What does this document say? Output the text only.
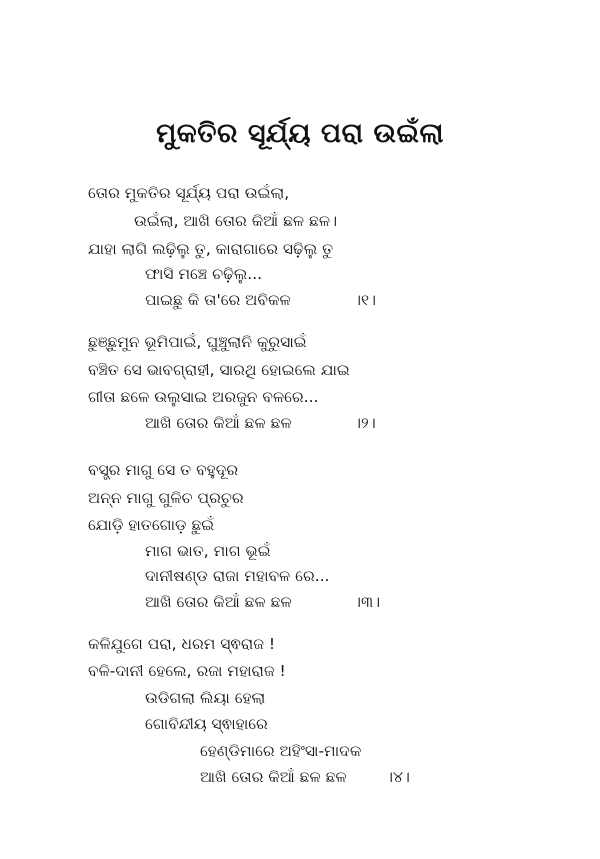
ମୁକତିର ସୂର୍ଯ୍ୟ ପରା ଉଇଁଲା
ତୋର ମୁକତିର ସୂର୍ଯ୍ୟ ପରା ଉଇଁଲା,
ଉଇଁଲା, ଆଖି ତୋର କିଆଁ ଛଳ ଛଳ।
ଯାହା ଲାଗି ଲଢ଼ିଲୁ ତୁ, କାରାଗାରେ ସଢ଼ିଲୁ ତୁ
ଫାସି ମଞ୍ଚେ ଚଢ଼ିଲୁ...
ପାଇଛୁ କି ତା'ରେ ଅବିକଳ	।୧।
ଛୁଞ୍ଛୁମୁନ ଭୂମିପାଇଁ, ଘୁଞ୍ଚୁଲାନି କୁରୁସାଇଁ
ବଞ୍ଚିତ ସେ ଭାବଗ୍ରାହୀ, ସାରଥି ହୋଇଲେ ଯାଇ
ଗୀତା ଛଳେ ଉଲୁସାଇ ଅରଜୁନ ବଳରେ...
ଆଖି ତୋର କିଆଁ ଛଳ ଛଳ	।୨।
ବସ୍ତ୍ର ମାଗୁ ସେ ତ ବହୁଦୂର
ଅନ୍ନ ମାଗୁ ଗୁଳିଚ ପ୍ରଚୁର
ଯୋଡ଼ି ହାତଗୋଡ଼ ଛୁଇଁ
ମାଗ ଭାତ, ମାଗ ଭୂଇଁ
ଦାନୀଷଣ୍ଡ ରାଜା ମହାବଳ ରେ...
ଆଖି ତୋର କିଆଁ ଛଳ ଛଳ	।୩।
କଳିଯୁଗେ ପରା, ଧରମ ସ୍ଵରାଜ !
ବଳି-ଦାନୀ ହେଲେ, ରଜା ମହାରାଜ !
ଉଡିଗଲା ଲିୟା ହେଲା
ଗୋବିନ୍ଦୀୟ ସ୍ଵାହାରେ
ହେଣ୍ଡିମାରେ ଅହିଂସା-ମାଦକ
ଆଖି ତୋର କିଆଁ ଛଳ ଛଳ	।୪।
